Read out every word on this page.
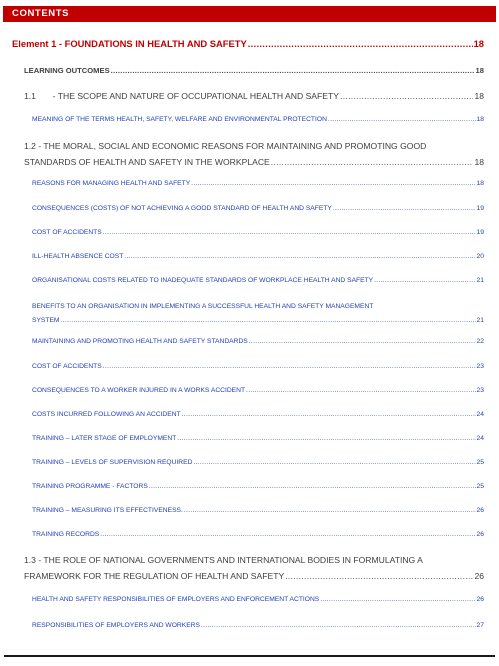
CONTENTS
Element 1 - FOUNDATIONS IN HEALTH AND SAFETY .....	18
LEARNING OUTCOMES .....	18
1.1       - THE SCOPE AND NATURE OF OCCUPATIONAL HEALTH AND SAFETY .....	18
MEANING OF THE TERMS HEALTH, SAFETY, WELFARE AND ENVIRONMENTAL PROTECTION .....	18
1.2 - THE MORAL, SOCIAL AND ECONOMIC REASONS FOR MAINTAINING AND PROMOTING GOOD
STANDARDS OF HEALTH AND SAFETY IN THE WORKPLACE .....	18
REASONS FOR MANAGING HEALTH AND SAFETY .....	18
CONSEQUENCES (COSTS) OF NOT ACHIEVING A GOOD STANDARD OF HEALTH AND SAFETY .....	19
COST OF ACCIDENTS .....	19
ILL-HEALTH ABSENCE COST .....	20
ORGANISATIONAL COSTS RELATED TO INADEQUATE STANDARDS OF WORKPLACE HEALTH AND SAFETY .....	21
BENEFITS TO AN ORGANISATION IN IMPLEMENTING A SUCCESSFUL HEALTH AND SAFETY MANAGEMENT
SYSTEM .....	21
MAINTAINING AND PROMOTING HEALTH AND SAFETY STANDARDS .....	22
COST OF ACCIDENTS .....	23
CONSEQUENCES TO A WORKER INJURED IN A WORKS ACCIDENT .....	23
COSTS INCURRED FOLLOWING AN ACCIDENT .....	24
TRAINING – LATER STAGE OF EMPLOYMENT .....	24
TRAINING – LEVELS OF SUPERVISION REQUIRED .....	25
TRAINING PROGRAMME - FACTORS .....	25
TRAINING – MEASURING ITS EFFECTIVENESS. .....	26
TRAINING RECORDS .....	26
1.3 - THE ROLE OF NATIONAL GOVERNMENTS AND INTERNATIONAL BODIES IN FORMULATING A
FRAMEWORK FOR THE REGULATION OF HEALTH AND SAFETY .....	26
HEALTH AND SAFETY RESPONSIBILITIES OF EMPLOYERS AND ENFORCEMENT ACTIONS .....	26
RESPONSIBILITIES OF EMPLOYERS AND WORKERS .....	27
